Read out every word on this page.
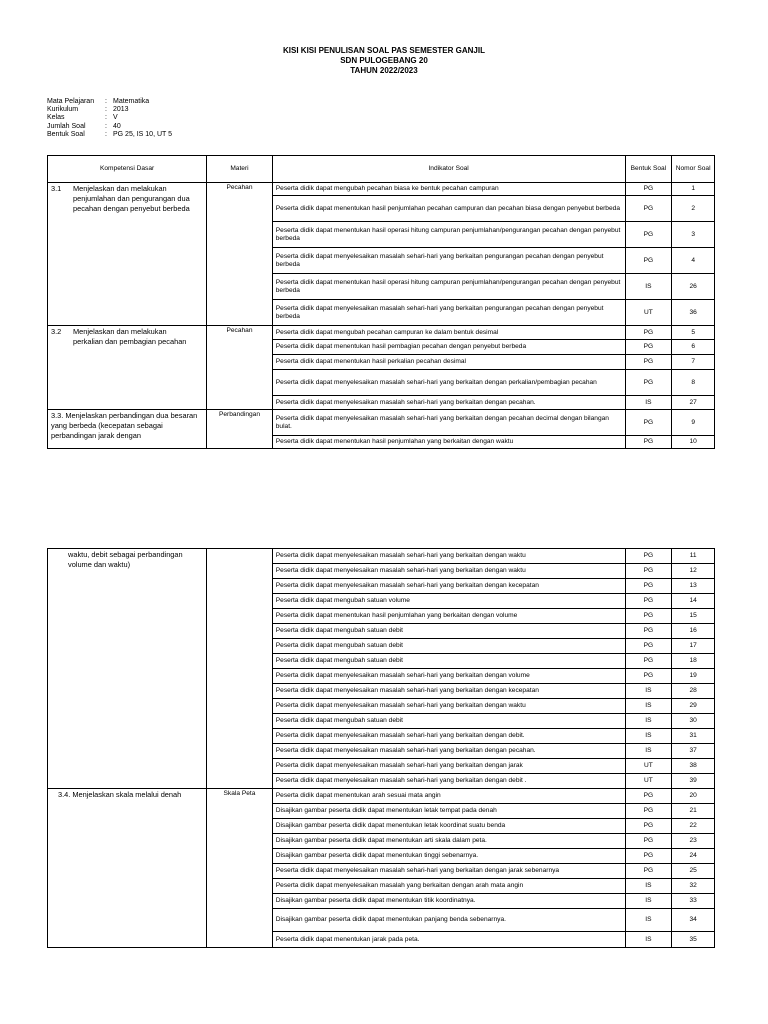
KISI KISI PENULISAN SOAL PAS SEMESTER GANJIL
SDN PULOGEBANG 20
TAHUN 2022/2023
Mata Pelajaran	: Matematika
Kurikulum	: 2013
Kelas	: V
Jumlah Soal	: 40
Bentuk Soal	: PG 25, IS 10, UT 5
Kompetensi Dasar	Materi	Indikator Soal	Bentuk Soal	Nomor Soal
3.1 Menjelaskan dan melakukan penjumlahan dan pengurangan dua pecahan dengan penyebut berbeda	Pecahan	Peserta didik dapat mengubah pecahan biasa ke bentuk pecahan campuran	PG	1
		Peserta didik dapat menentukan hasil penjumlahan pecahan campuran dan pecahan biasa dengan penyebut berbeda	PG	2
		Peserta didik dapat menentukan hasil operasi hitung campuran penjumlahan/pengurangan pecahan dengan penyebut berbeda	PG	3
		Peserta didik dapat menyelesaikan masalah sehari-hari yang berkaitan pengurangan pecahan dengan penyebut berbeda	PG	4
		Peserta didik dapat menentukan hasil operasi hitung campuran penjumlahan/pengurangan pecahan dengan penyebut berbeda	IS	26
		Peserta didik dapat menyelesaikan masalah sehari-hari yang berkaitan pengurangan pecahan dengan penyebut berbeda	UT	36
3.2 Menjelaskan dan melakukan perkalian dan pembagian pecahan	Pecahan	Peserta didik dapat mengubah pecahan campuran ke dalam bentuk desimal	PG	5
		Peserta didik dapat menentukan hasil pembagian pecahan dengan penyebut berbeda	PG	6
		Peserta didik dapat menentukan hasil perkalian pecahan desimal	PG	7
		Peserta didik dapat menyelesaikan masalah sehari-hari yang berkaitan dengan perkalian/pembagian pecahan	PG	8
		Peserta didik dapat menyelesaikan masalah sehari-hari yang berkaitan dengan pecahan.	IS	27
3.3. Menjelaskan perbandingan dua besaran yang berbeda (kecepatan sebagai perbandingan jarak dengan	Perbandingan	Peserta didik dapat menyelesaikan masalah sehari-hari yang berkaitan dengan pecahan decimal dengan bilangan bulat.	PG	9
		Peserta didik dapat menentukan hasil penjumlahan yang berkaitan dengan waktu	PG	10
waktu, debit sebagai perbandingan volume dan waktu)		Peserta didik dapat menyelesaikan masalah sehari-hari yang berkaitan dengan waktu	PG	11
		Peserta didik dapat menyelesaikan masalah sehari-hari yang berkaitan dengan waktu	PG	12
		Peserta didik dapat menyelesaikan masalah sehari-hari yang berkaitan dengan kecepatan	PG	13
		Peserta didik dapat mengubah satuan volume	PG	14
		Peserta didik dapat menentukan hasil penjumlahan yang berkaitan dengan volume	PG	15
		Peserta didik dapat mengubah satuan debit	PG	16
		Peserta didik dapat mengubah satuan debit	PG	17
		Peserta didik dapat mengubah satuan debit	PG	18
		Peserta didik dapat menyelesaikan masalah sehari-hari yang berkaitan dengan volume	PG	19
		Peserta didik dapat menyelesaikan masalah sehari-hari yang berkaitan dengan kecepatan	IS	28
		Peserta didik dapat menyelesaikan masalah sehari-hari yang berkaitan dengan waktu	IS	29
		Peserta didik dapat mengubah satuan debit	IS	30
		Peserta didik dapat menyelesaikan masalah sehari-hari yang berkaitan dengan debit.	IS	31
		Peserta didik dapat menyelesaikan masalah sehari-hari yang berkaitan dengan pecahan.	IS	37
		Peserta didik dapat menyelesaikan masalah sehari-hari yang berkaitan dengan jarak	UT	38
		Peserta didik dapat menyelesaikan masalah sehari-hari yang berkaitan dengan debit .	UT	39
3.4. Menjelaskan skala melalui denah	Skala Peta	Peserta didik dapat menentukan arah sesuai mata angin	PG	20
		Disajikan gambar peserta didik dapat menentukan letak tempat pada denah	PG	21
		Disajikan gambar peserta didik dapat menentukan letak koordinat suatu benda	PG	22
		Disajikan gambar peserta didik dapat menentukan arti skala dalam peta.	PG	23
		Disajikan gambar peserta didik dapat menentukan tinggi sebenarnya.	PG	24
		Peserta didik dapat menyelesaikan masalah sehari-hari yang berkaitan dengan jarak sebenarnya	PG	25
		Peserta didik dapat menyelesaikan masalah yang berkaitan dengan arah mata angin	IS	32
		Disajikan gambar peserta didik dapat menentukan titik koordinatnya.	IS	33
		Disajikan gambar peserta didik dapat menentukan panjang benda sebenarnya.	IS	34
		Peserta didik dapat menentukan jarak pada peta.	IS	35
